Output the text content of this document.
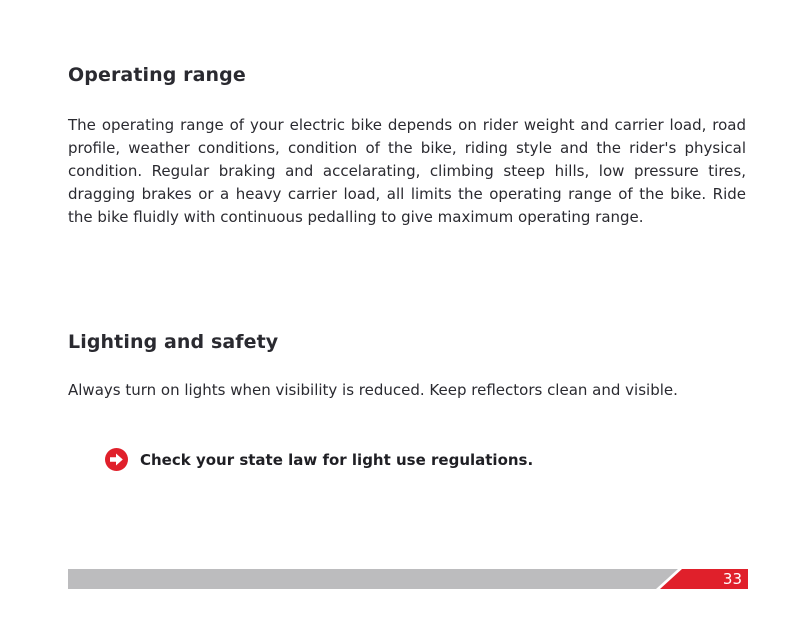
Operating range

The operating range of your electric bike depends on rider weight and carrier load, road profile, weather conditions, condition of the bike, riding style and the rider's physical condition. Regular braking and accelarating, climbing steep hills, low pressure tires, dragging brakes or a heavy carrier load, all limits the operating range of the bike. Ride the bike fluidly with continuous pedalling to give maximum operating range.

Lighting and safety

Always turn on lights when visibility is reduced. Keep reflectors clean and visible.

Check your state law for light use regulations.
33
